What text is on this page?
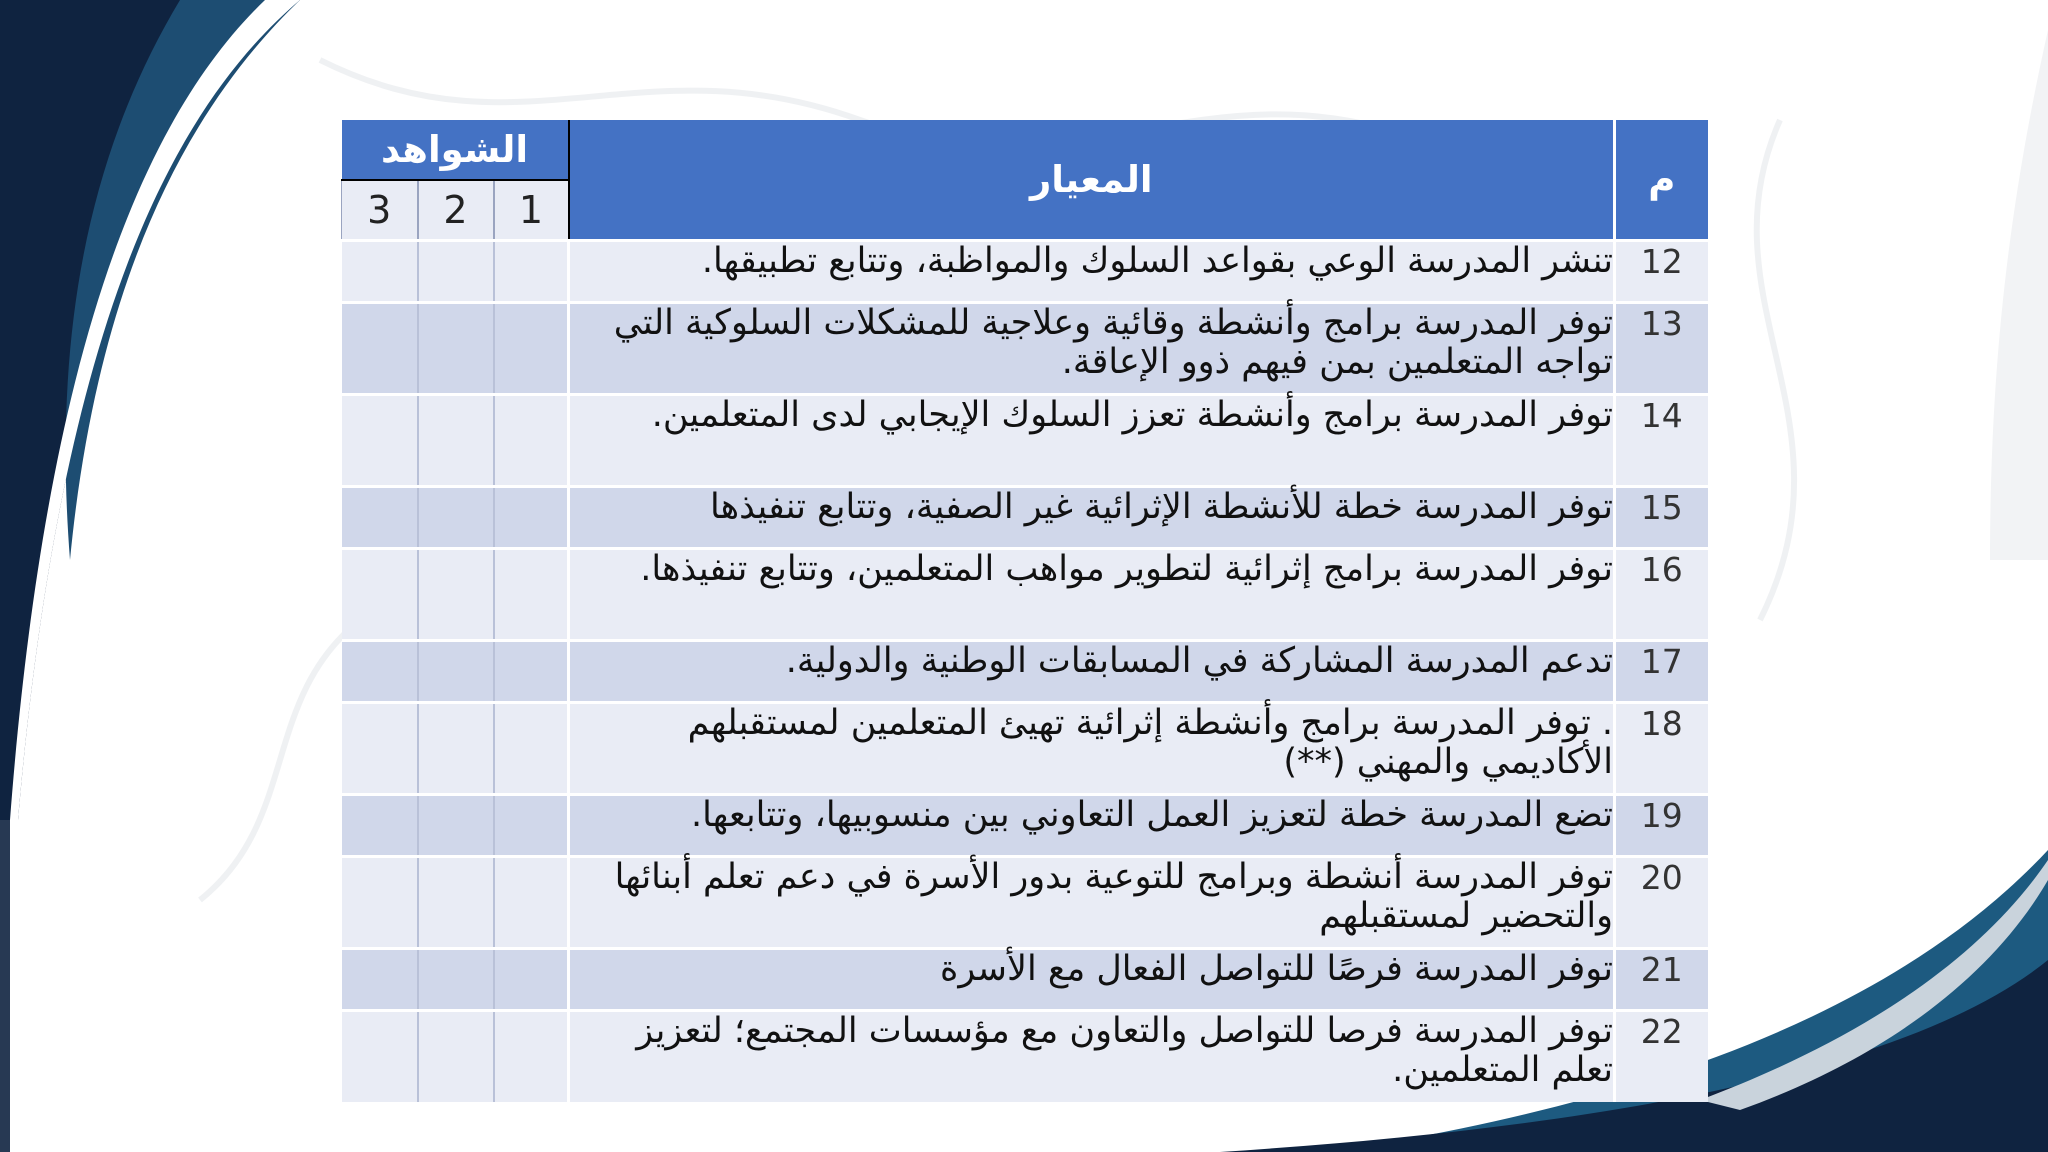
الشواهد			المعيار	م
3	2	1		
			تنشر المدرسة الوعي بقواعد السلوك والمواظبة، وتتابع تطبيقها.	12
			توفر المدرسة برامج وأنشطة وقائية وعلاجية للمشكلات السلوكية التي تواجه المتعلمين بمن فيهم ذوو الإعاقة.	13
			توفر المدرسة برامج وأنشطة تعزز السلوك الإيجابي لدى المتعلمين.	14
			توفر المدرسة خطة للأنشطة الإثرائية غير الصفية، وتتابع تنفيذها	15
			توفر المدرسة برامج إثرائية لتطوير مواهب المتعلمين، وتتابع تنفيذها.	16
			تدعم المدرسة المشاركة في المسابقات الوطنية والدولية.	17
			. توفر المدرسة برامج وأنشطة إثرائية تهيئ المتعلمين لمستقبلهم الأكاديمي والمهني (**)	18
			تضع المدرسة خطة لتعزيز العمل التعاوني بين منسوبيها، وتتابعها.	19
			توفر المدرسة أنشطة وبرامج للتوعية بدور الأسرة في دعم تعلم أبنائها والتحضير لمستقبلهم	20
			توفر المدرسة فرصًا للتواصل الفعال مع الأسرة	21
			توفر المدرسة فرصا للتواصل والتعاون مع مؤسسات المجتمع؛ لتعزيز تعلم المتعلمين.	22
